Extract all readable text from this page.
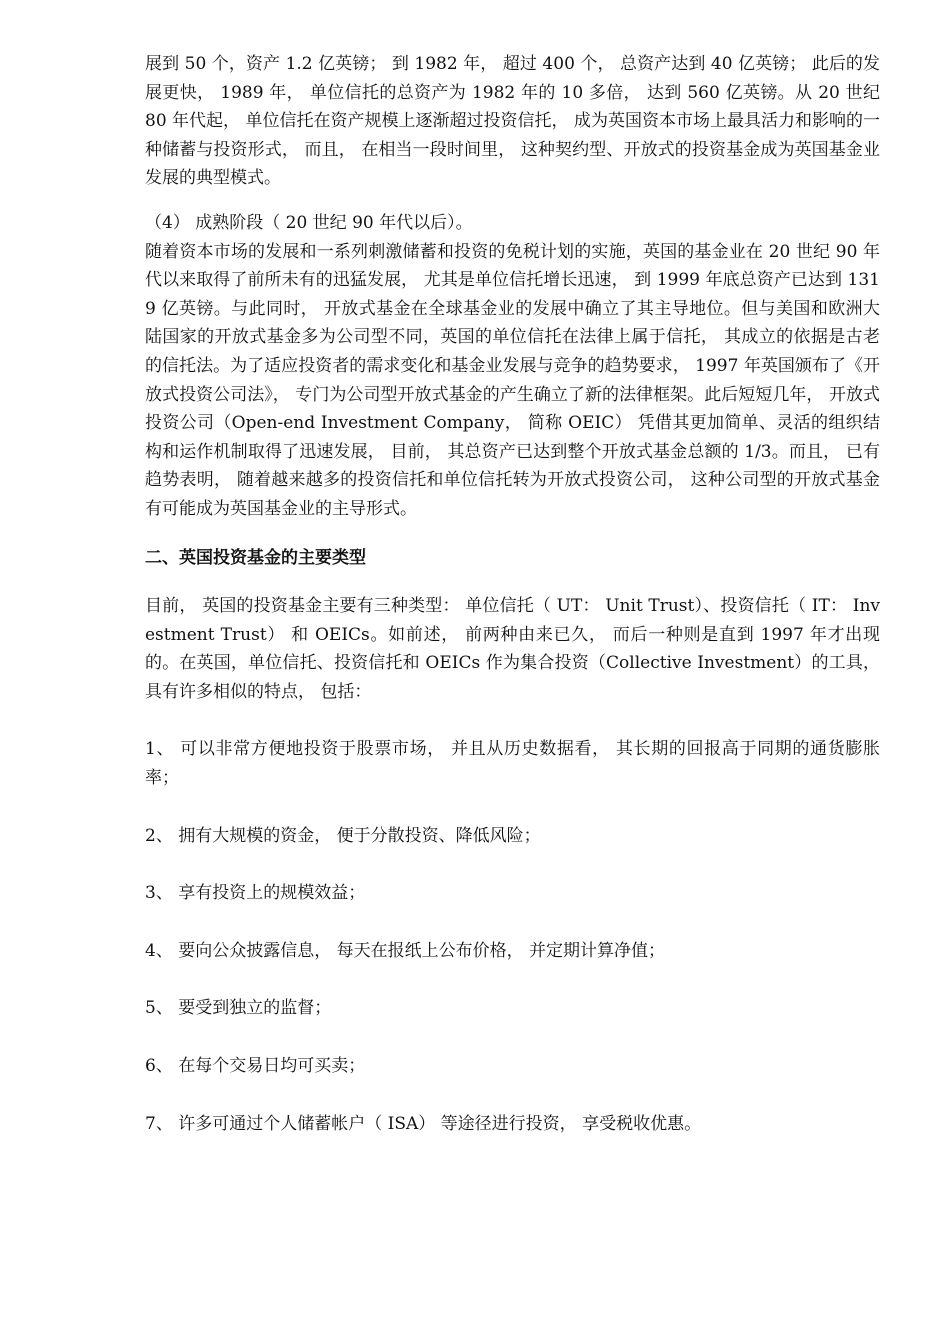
展到 50 个，资产 1.2 亿英镑； 到 1982 年， 超过 400 个， 总资产达到 40 亿英镑； 此后的发展更快， 1989 年， 单位信托的总资产为 1982 年的 10 多倍， 达到 560 亿英镑。从 20 世纪 80 年代起， 单位信托在资产规模上逐渐超过投资信托， 成为英国资本市场上最具活力和影响的一种储蓄与投资形式， 而且， 在相当一段时间里， 这种契约型、开放式的投资基金成为英国基金业发展的典型模式。

（4） 成熟阶段（ 20 世纪 90 年代以后）。

随着资本市场的发展和一系列刺激储蓄和投资的免税计划的实施，英国的基金业在 20 世纪 90 年代以来取得了前所未有的迅猛发展， 尤其是单位信托增长迅速， 到 1999 年底总资产已达到 1319 亿英镑。与此同时， 开放式基金在全球基金业的发展中确立了其主导地位。但与美国和欧洲大陆国家的开放式基金多为公司型不同，英国的单位信托在法律上属于信托， 其成立的依据是古老的信托法。为了适应投资者的需求变化和基金业发展与竞争的趋势要求， 1997 年英国颁布了《开放式投资公司法》， 专门为公司型开放式基金的产生确立了新的法律框架。此后短短几年， 开放式投资公司（Open-end Investment Company， 简称 OEIC） 凭借其更加简单、灵活的组织结构和运作机制取得了迅速发展， 目前， 其总资产已达到整个开放式基金总额的 1/3。而且， 已有趋势表明， 随着越来越多的投资信托和单位信托转为开放式投资公司， 这种公司型的开放式基金有可能成为英国基金业的主导形式。

二、英国投资基金的主要类型

目前， 英国的投资基金主要有三种类型： 单位信托（ UT： Unit Trust）、投资信托（ IT： Investment Trust） 和 OEICs。如前述， 前两种由来已久， 而后一种则是直到 1997 年才出现的。在英国，单位信托、投资信托和 OEICs 作为集合投资（Collective Investment）的工具， 具有许多相似的特点， 包括：

1、 可以非常方便地投资于股票市场， 并且从历史数据看， 其长期的回报高于同期的通货膨胀率；

2、 拥有大规模的资金， 便于分散投资、降低风险；

3、 享有投资上的规模效益；

4、 要向公众披露信息， 每天在报纸上公布价格， 并定期计算净值；

5、 要受到独立的监督；

6、 在每个交易日均可买卖；

7、 许多可通过个人储蓄帐户（ ISA） 等途径进行投资， 享受税收优惠。
